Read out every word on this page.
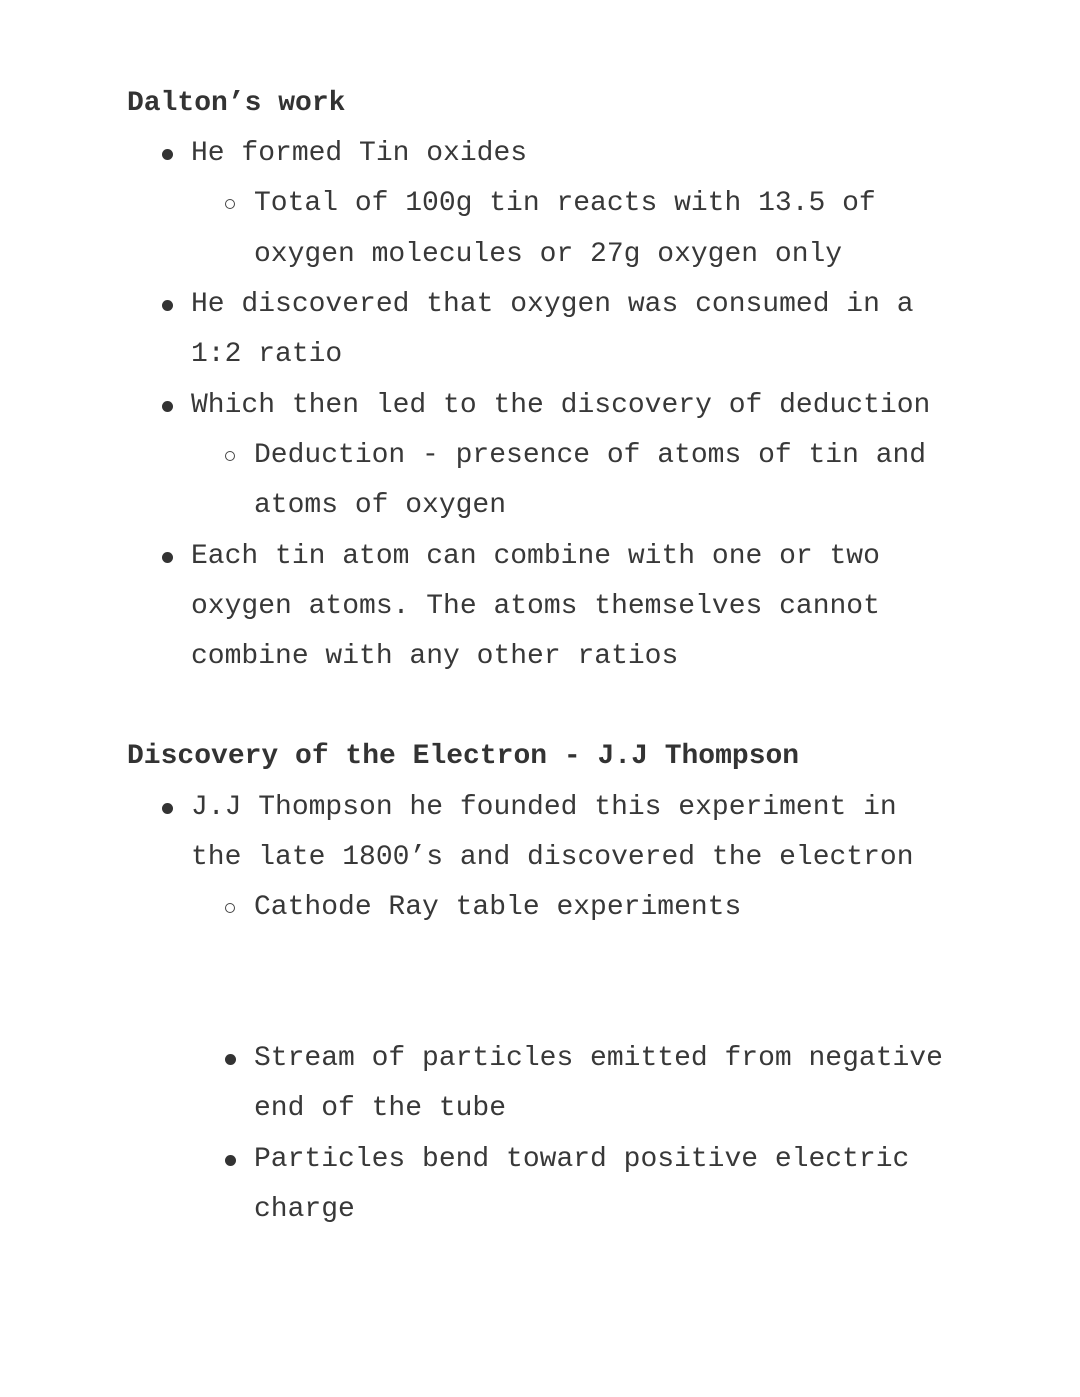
Dalton’s work
He formed Tin oxides
Total of 100g tin reacts with 13.5 of
oxygen molecules or 27g oxygen only
He discovered that oxygen was consumed in a
1:2 ratio
Which then led to the discovery of deduction
Deduction - presence of atoms of tin and
atoms of oxygen
Each tin atom can combine with one or two
oxygen atoms. The atoms themselves cannot
combine with any other ratios
Discovery of the Electron - J.J Thompson
J.J Thompson he founded this experiment in
the late 1800’s and discovered the electron
Cathode Ray table experiments
Stream of particles emitted from negative
end of the tube
Particles bend toward positive electric
charge
